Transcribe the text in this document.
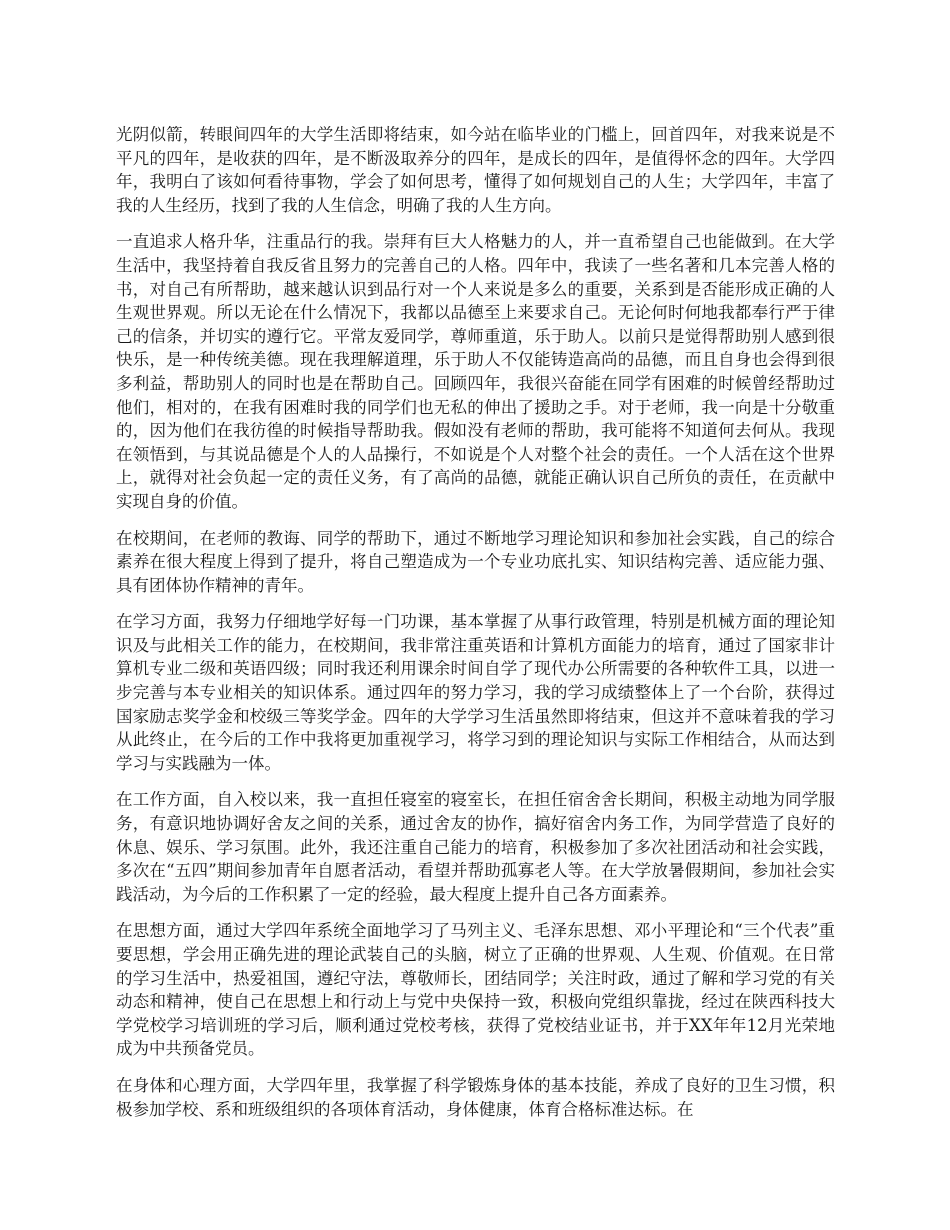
光阴似箭，转眼间四年的大学生活即将结束，如今站在临毕业的门槛上，回首四年，对我来说是不平凡的四年，是收获的四年，是不断汲取养分的四年，是成长的四年，是值得怀念的四年。大学四年，我明白了该如何看待事物，学会了如何思考，懂得了如何规划自己的人生；大学四年，丰富了我的人生经历，找到了我的人生信念，明确了我的人生方向。

一直追求人格升华，注重品行的我。崇拜有巨大人格魅力的人，并一直希望自己也能做到。在大学生活中，我坚持着自我反省且努力的完善自己的人格。四年中，我读了一些名著和几本完善人格的书，对自己有所帮助，越来越认识到品行对一个人来说是多么的重要，关系到是否能形成正确的人生观世界观。所以无论在什么情况下，我都以品德至上来要求自己。无论何时何地我都奉行严于律己的信条，并切实的遵行它。平常友爱同学，尊师重道，乐于助人。以前只是觉得帮助别人感到很快乐，是一种传统美德。现在我理解道理，乐于助人不仅能铸造高尚的品德，而且自身也会得到很多利益，帮助别人的同时也是在帮助自己。回顾四年，我很兴奋能在同学有困难的时候曾经帮助过他们，相对的，在我有困难时我的同学们也无私的伸出了援助之手。对于老师，我一向是十分敬重的，因为他们在我彷徨的时候指导帮助我。假如没有老师的帮助，我可能将不知道何去何从。我现在领悟到，与其说品德是个人的人品操行，不如说是个人对整个社会的责任。一个人活在这个世界上，就得对社会负起一定的责任义务，有了高尚的品德，就能正确认识自己所负的责任，在贡献中实现自身的价值。

在校期间，在老师的教诲、同学的帮助下，通过不断地学习理论知识和参加社会实践，自己的综合素养在很大程度上得到了提升，将自己塑造成为一个专业功底扎实、知识结构完善、适应能力强、具有团体协作精神的青年。

在学习方面，我努力仔细地学好每一门功课，基本掌握了从事行政管理，特别是机械方面的理论知识及与此相关工作的能力，在校期间，我非常注重英语和计算机方面能力的培育，通过了国家非计算机专业二级和英语四级；同时我还利用课余时间自学了现代办公所需要的各种软件工具，以进一步完善与本专业相关的知识体系。通过四年的努力学习，我的学习成绩整体上了一个台阶，获得过国家励志奖学金和校级三等奖学金。四年的大学学习生活虽然即将结束，但这并不意味着我的学习从此终止，在今后的工作中我将更加重视学习，将学习到的理论知识与实际工作相结合，从而达到学习与实践融为一体。

在工作方面，自入校以来，我一直担任寝室的寝室长，在担任宿舍舍长期间，积极主动地为同学服务，有意识地协调好舍友之间的关系，通过舍友的协作，搞好宿舍内务工作，为同学营造了良好的休息、娱乐、学习氛围。此外，我还注重自己能力的培育，积极参加了多次社团活动和社会实践，多次在“五四”期间参加青年自愿者活动，看望并帮助孤寡老人等。在大学放暑假期间，参加社会实践活动，为今后的工作积累了一定的经验，最大程度上提升自己各方面素养。

在思想方面，通过大学四年系统全面地学习了马列主义、毛泽东思想、邓小平理论和“三个代表”重要思想，学会用正确先进的理论武装自己的头脑，树立了正确的世界观、人生观、价值观。在日常的学习生活中，热爱祖国，遵纪守法，尊敬师长，团结同学；关注时政，通过了解和学习党的有关动态和精神，使自己在思想上和行动上与党中央保持一致，积极向党组织靠拢，经过在陕西科技大学党校学习培训班的学习后，顺利通过党校考核，获得了党校结业证书，并于XX年年12月光荣地成为中共预备党员。

在身体和心理方面，大学四年里，我掌握了科学锻炼身体的基本技能，养成了良好的卫生习惯，积极参加学校、系和班级组织的各项体育活动，身体健康，体育合格标准达标。在
